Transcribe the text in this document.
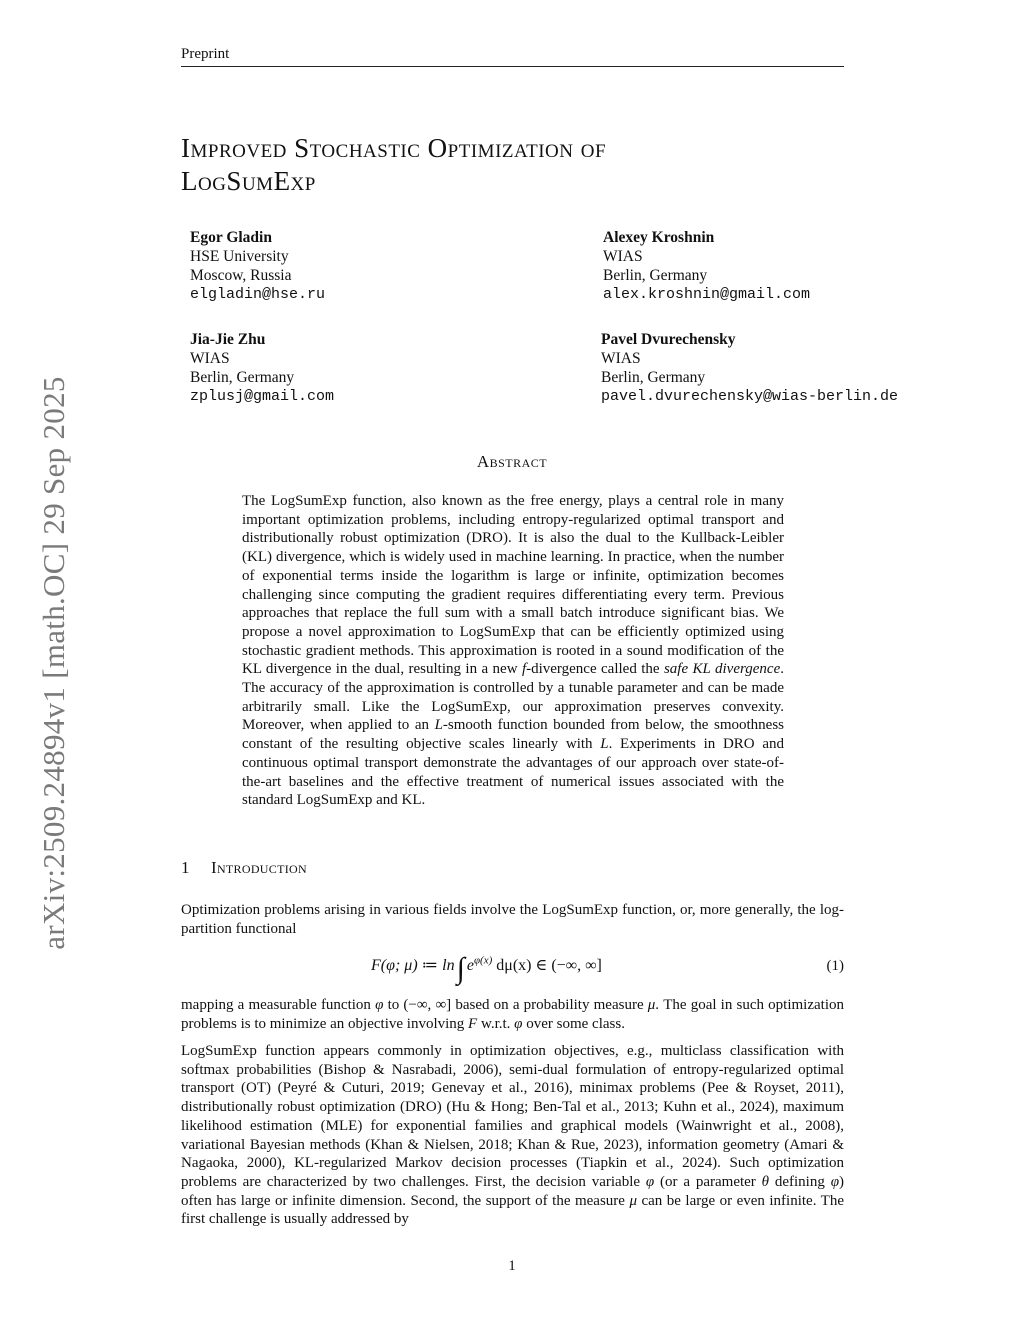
Preprint
arXiv:2509.24894v1 [math.OC] 29 Sep 2025
Improved Stochastic Optimization of
LogSumExp
Egor Gladin
HSE University
Moscow, Russia
elgladin@hse.ru
Alexey Kroshnin
WIAS
Berlin, Germany
alex.kroshnin@gmail.com
Jia-Jie Zhu
WIAS
Berlin, Germany
zplusj@gmail.com
Pavel Dvurechensky
WIAS
Berlin, Germany
pavel.dvurechensky@wias-berlin.de
Abstract
The LogSumExp function, also known as the free energy, plays a central role in many important optimization problems, including entropy-regularized optimal transport and distributionally robust optimization (DRO). It is also the dual to the Kullback-Leibler (KL) divergence, which is widely used in machine learning. In practice, when the number of exponential terms inside the logarithm is large or infinite, optimization becomes challenging since computing the gradient requires differentiating every term. Previous approaches that replace the full sum with a small batch introduce significant bias. We propose a novel approximation to LogSumExp that can be efficiently optimized using stochastic gradient methods. This approximation is rooted in a sound modification of the KL divergence in the dual, resulting in a new f-divergence called the safe KL divergence. The accuracy of the approximation is controlled by a tunable parameter and can be made arbitrarily small. Like the LogSumExp, our approximation preserves convexity. Moreover, when applied to an L-smooth function bounded from below, the smoothness constant of the resulting objective scales linearly with L. Experiments in DRO and continuous optimal transport demonstrate the advantages of our approach over state-of-the-art baselines and the effective treatment of numerical issues associated with the standard LogSumExp and KL.
1 Introduction
Optimization problems arising in various fields involve the LogSumExp function, or, more generally, the log-partition functional
F(φ; μ) ≔ ln∫ $e^{\varphi(x)}$ dμ(x) ∈ (−∞, ∞]	(1)
mapping a measurable function φ to (−∞, ∞] based on a probability measure μ. The goal in such optimization problems is to minimize an objective involving F w.r.t. φ over some class.
LogSumExp function appears commonly in optimization objectives, e.g., multiclass classification with softmax probabilities (Bishop & Nasrabadi, 2006), semi-dual formulation of entropy-regularized optimal transport (OT) (Peyré & Cuturi, 2019; Genevay et al., 2016), minimax problems (Pee & Royset, 2011), distributionally robust optimization (DRO) (Hu & Hong; Ben-Tal et al., 2013; Kuhn et al., 2024), maximum likelihood estimation (MLE) for exponential families and graphical models (Wainwright et al., 2008), variational Bayesian methods (Khan & Nielsen, 2018; Khan & Rue, 2023), information geometry (Amari & Nagaoka, 2000), KL-regularized Markov decision processes (Tiapkin et al., 2024). Such optimization problems are characterized by two challenges. First, the decision variable φ (or a parameter θ defining φ) often has large or infinite dimension. Second, the support of the measure μ can be large or even infinite. The first challenge is usually addressed by
1
